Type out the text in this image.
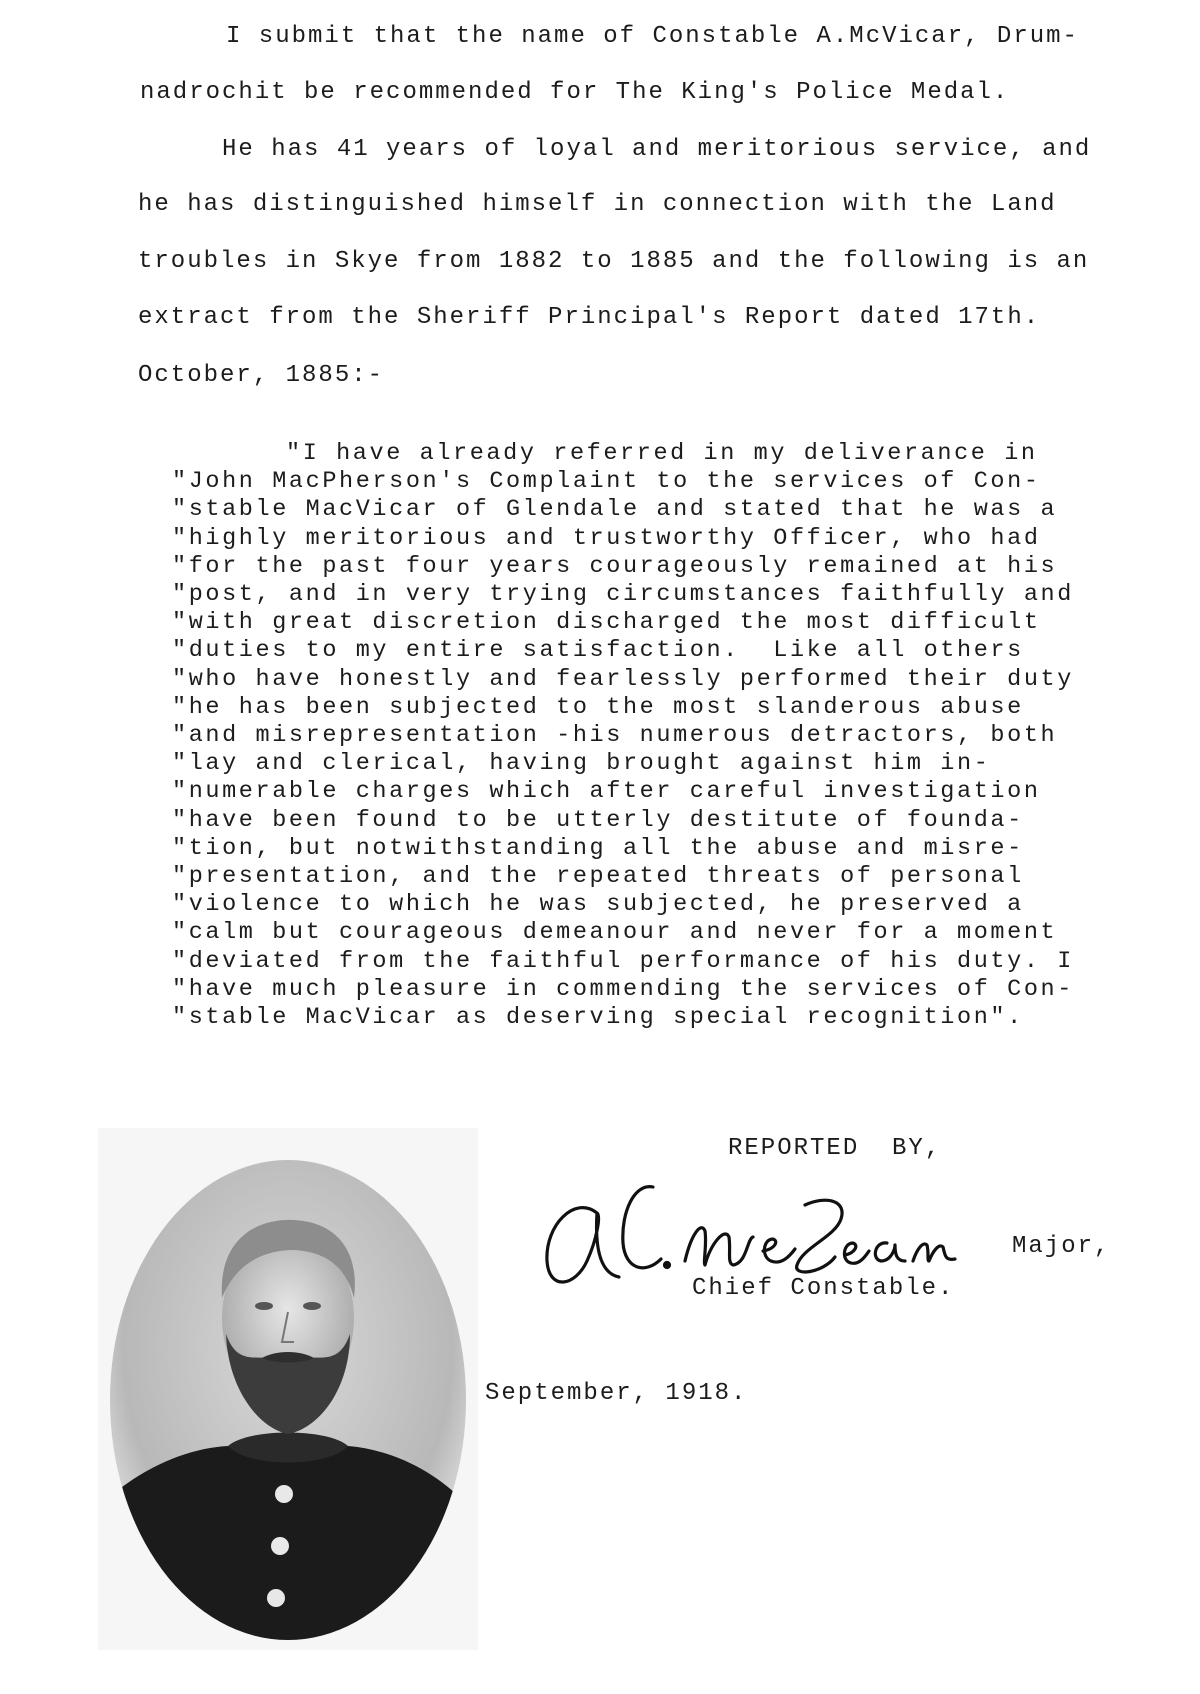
I submit that the name of Constable A.McVicar, Drum-
nadrochit be recommended for The King's Police Medal.
He has 41 years of loyal and meritorious service, and
he has distinguished himself in connection with the Land
troubles in Skye from 1882 to 1885 and the following is an
extract from the Sheriff Principal's Report dated 17th.
October, 1885:-
"I have already referred in my deliverance in
"John MacPherson's Complaint to the services of Con-
"stable MacVicar of Glendale and stated that he was a
"highly meritorious and trustworthy Officer, who had
"for the past four years courageously remained at his
"post, and in very trying circumstances faithfully and
"with great discretion discharged the most difficult
"duties to my entire satisfaction.  Like all others
"who have honestly and fearlessly performed their duty
"he has been subjected to the most slanderous abuse
"and misrepresentation -his numerous detractors, both
"lay and clerical, having brought against him in-
"numerable charges which after careful investigation
"have been found to be utterly destitute of founda-
"tion, but notwithstanding all the abuse and misre-
"presentation, and the repeated threats of personal
"violence to which he was subjected, he preserved a
"calm but courageous demeanour and never for a moment
"deviated from the faithful performance of his duty. I
"have much pleasure in commending the services of Con-
"stable MacVicar as deserving special recognition".
REPORTED  BY,
Major,
Chief Constable.
September, 1918.
